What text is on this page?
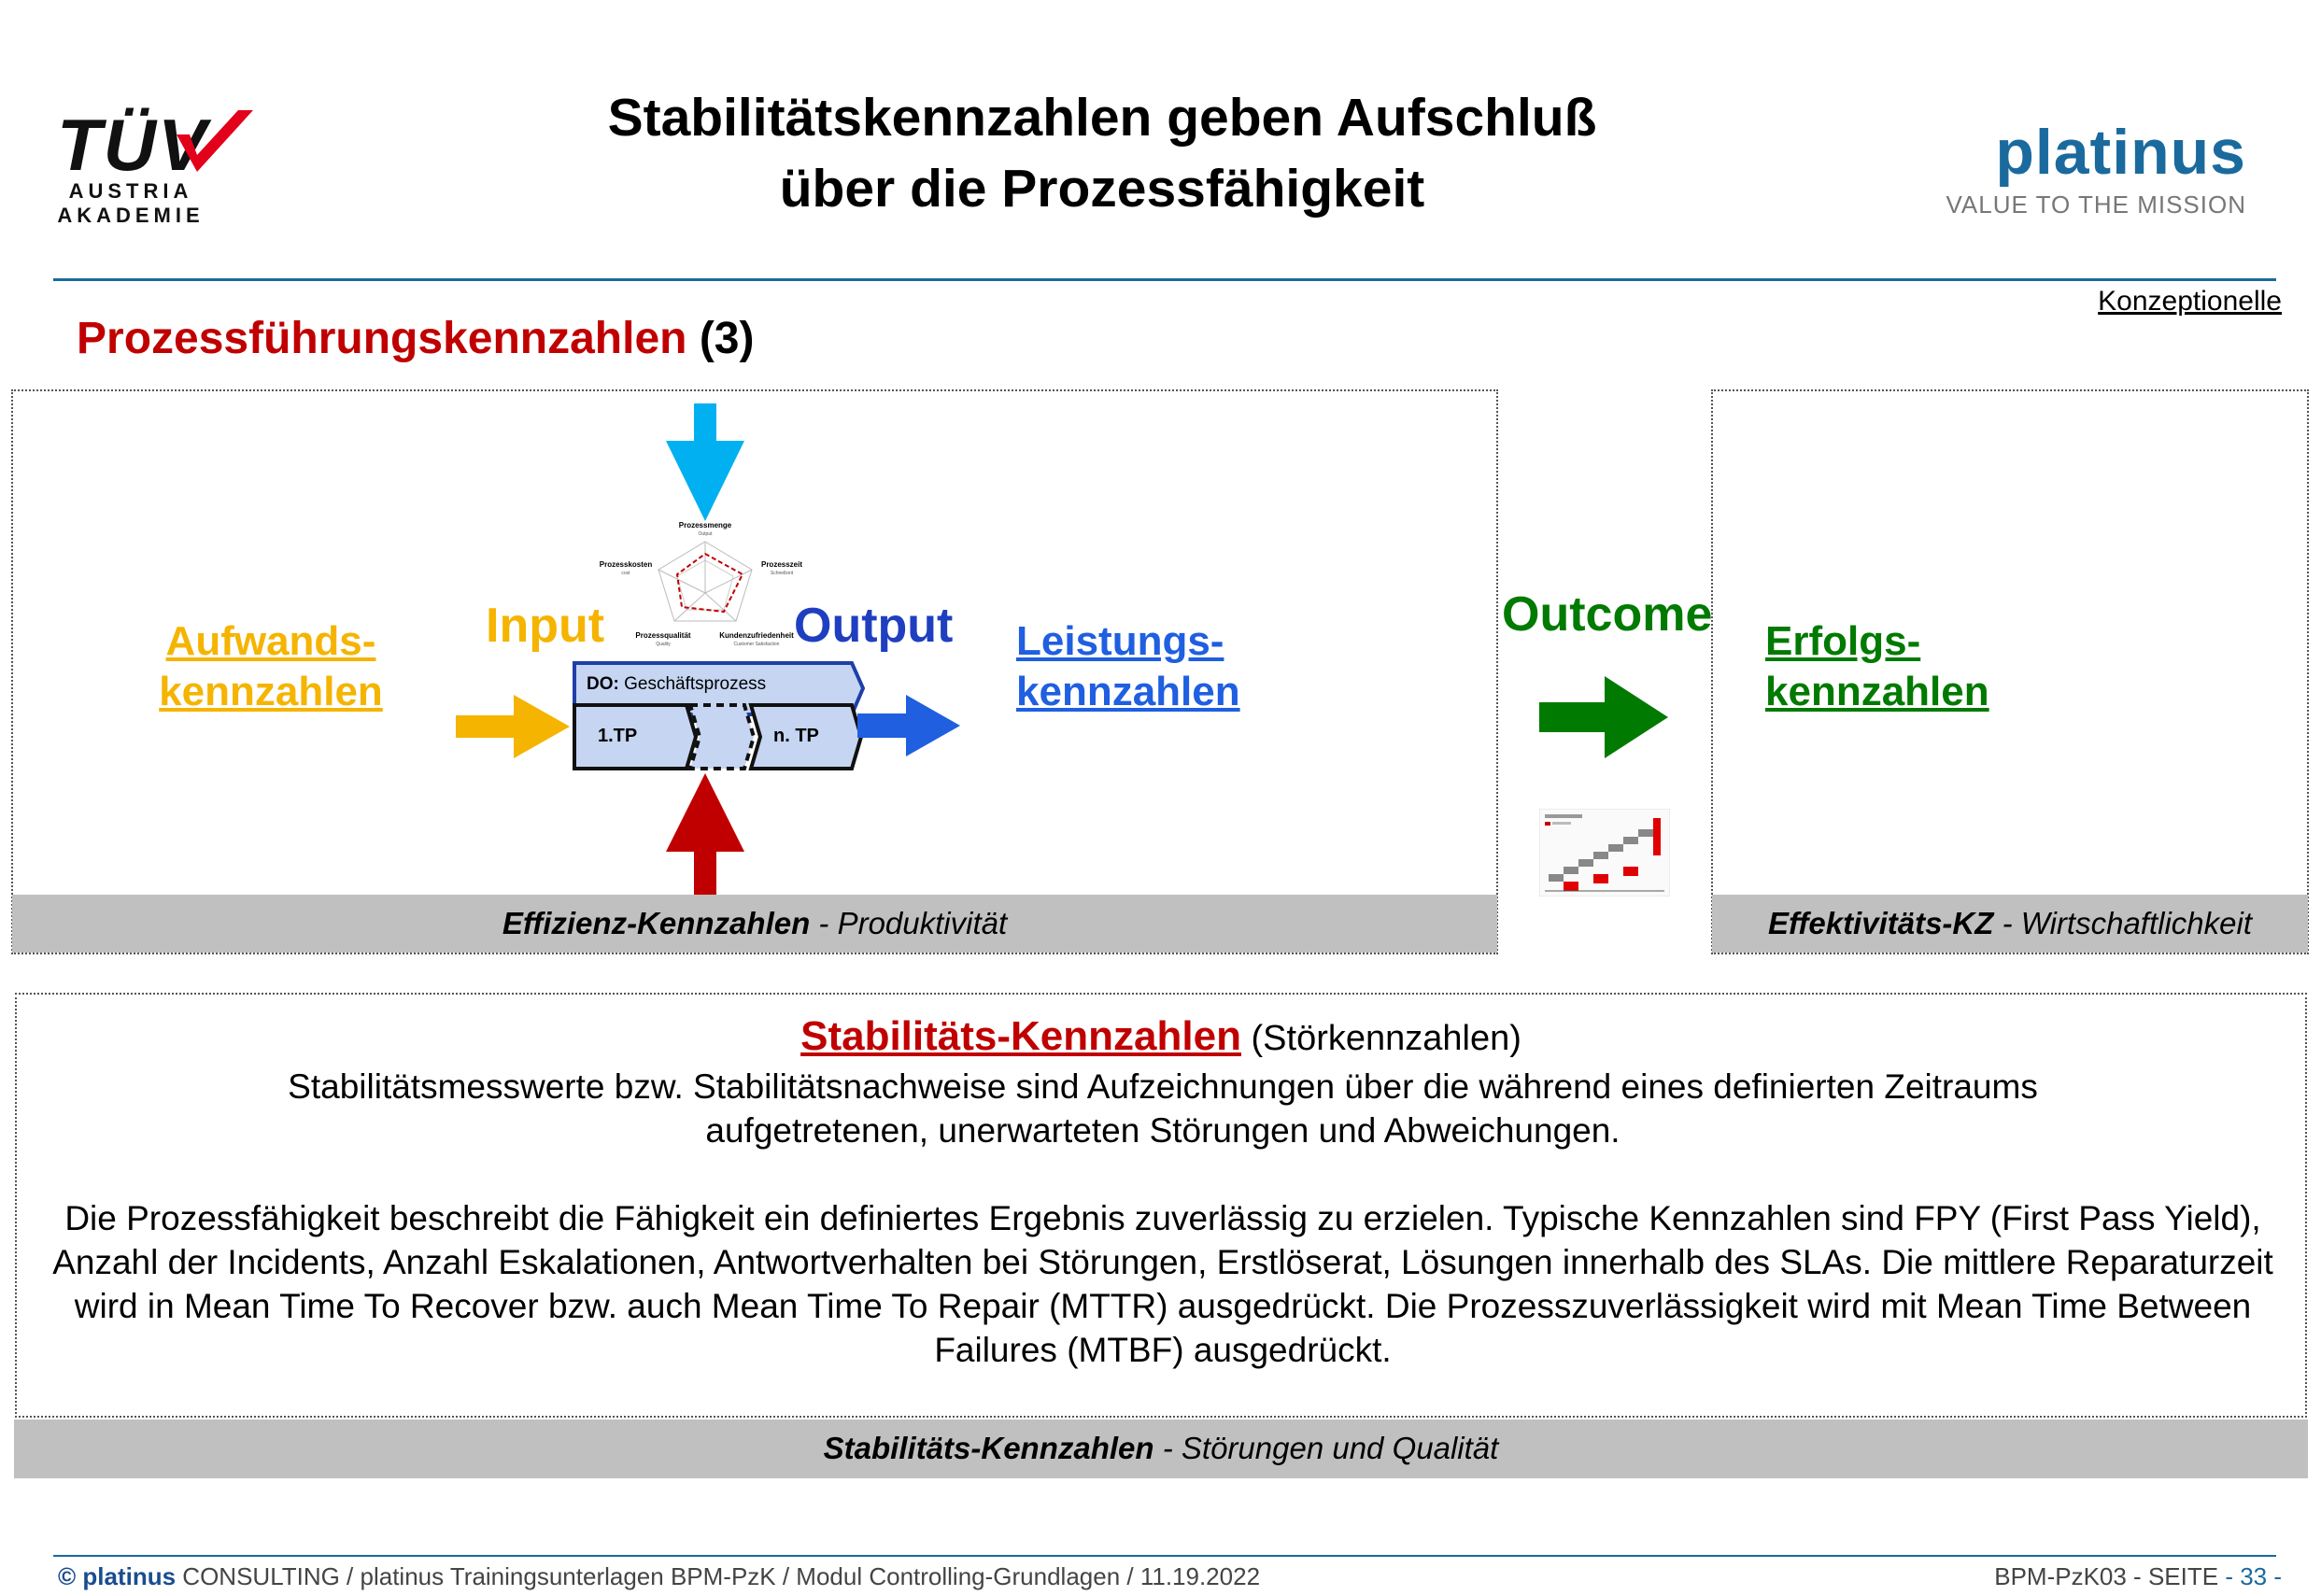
TÜV
AUSTRIA
AKADEMIE
Stabilitätskennzahlen geben Aufschluß
über die Prozessfähigkeit
platinus
VALUE TO THE MISSION
Konzeptionelle
Prozessführungskennzahlen (3)
Effizienz-Kennzahlen - Produktivität	Effektivitäts-KZ - Wirtschaftlichkeit
Aufwands-
kennzahlen
Input	Output Leistungs-
kennzahlen
Prozessmenge
Output
Prozesskosten
cost
Prozesszeit
Schnellzeit
Prozessqualität
Quality
Kundenzufriedenheit
Customer Satisfaction
DO: Geschäftsprozess
1.TP	n. TP
Outcome Erfolgs-
kennzahlen
Stabilitäts-Kennzahlen (Störkennzahlen)

Stabilitätsmesswerte bzw. Stabilitätsnachweise sind Aufzeichnungen über die während eines definierten Zeitraums aufgetretenen, unerwarteten Störungen und Abweichungen.

Die Prozessfähigkeit beschreibt die Fähigkeit ein definiertes Ergebnis zuverlässig zu erzielen. Typische Kennzahlen sind FPY (First Pass Yield), Anzahl der Incidents, Anzahl Eskalationen, Antwortverhalten bei Störungen, Erstlöserat, Lösungen innerhalb des SLAs. Die mittlere Reparaturzeit wird in Mean Time To Recover bzw. auch Mean Time To Repair (MTTR) ausgedrückt. Die Prozesszuverlässigkeit wird mit Mean Time Between Failures (MTBF) ausgedrückt.

Stabilitäts-Kennzahlen - Störungen und Qualität
© platinus CONSULTING / platinus Trainingsunterlagen BPM-PzK / Modul Controlling-Grundlagen / 11.19.2022	BPM-PzK03 - SEITE - 33 -
